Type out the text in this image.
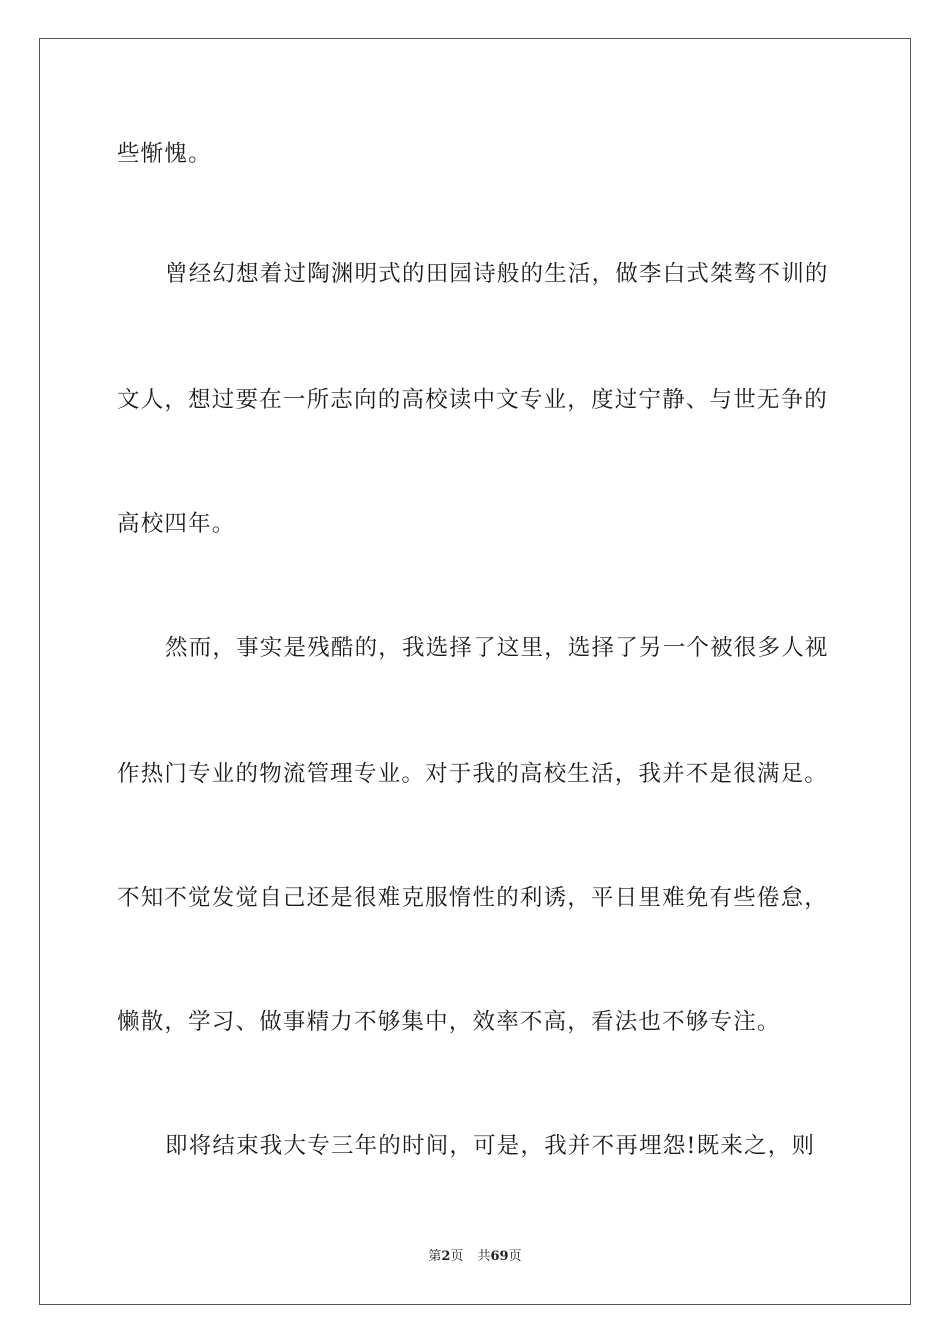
些惭愧。
曾经幻想着过陶渊明式的田园诗般的生活，做李白式桀骜不训的
文人，想过要在一所志向的高校读中文专业，度过宁静、与世无争的
高校四年。
然而，事实是残酷的，我选择了这里，选择了另一个被很多人视
作热门专业的物流管理专业。对于我的高校生活，我并不是很满足。
不知不觉发觉自己还是很难克服惰性的利诱，平日里难免有些倦怠，
懒散，学习、做事精力不够集中，效率不高，看法也不够专注。
即将结束我大专三年的时间，可是，我并不再埋怨!既来之，则
第2页 共69页
